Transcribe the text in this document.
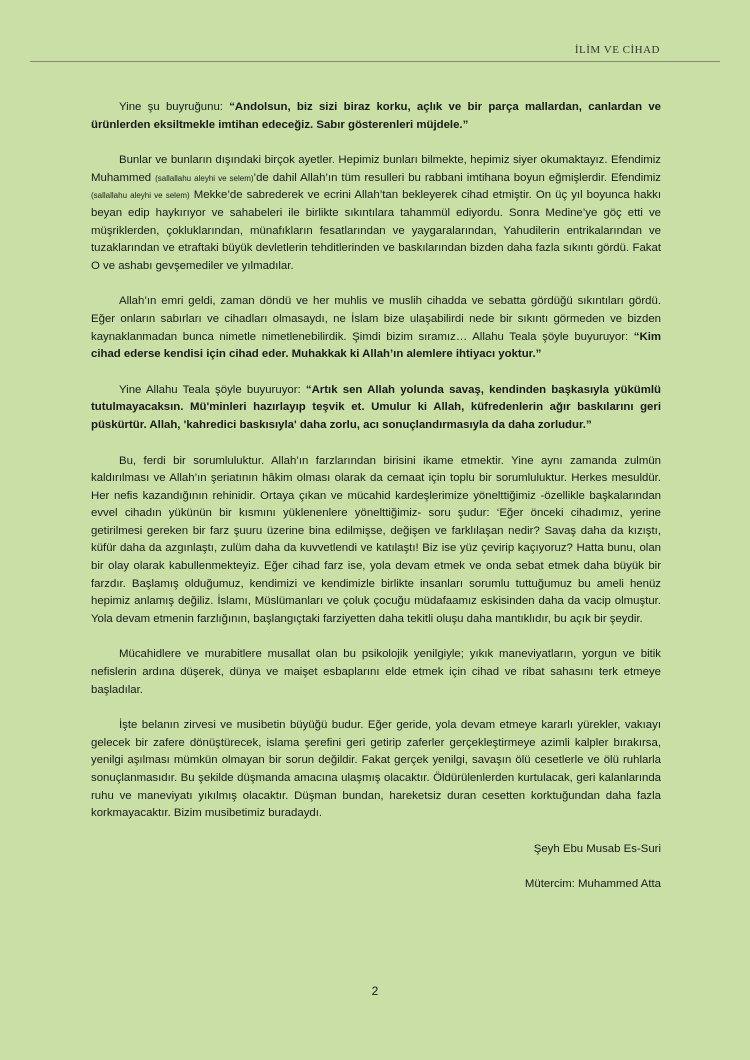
İLİM VE CİHAD

Yine şu buyruğunu: “Andolsun, biz sizi biraz korku, açlık ve bir parça mallardan, canlardan ve ürünlerden eksiltmekle imtihan edeceğiz. Sabır gösterenleri müjdele.”

Bunlar ve bunların dışındaki birçok ayetler. Hepimiz bunları bilmekte, hepimiz siyer okumaktayız. Efendimiz Muhammed (sallallahu aleyhi ve selem)’de dahil Allah’ın tüm resulleri bu rabbani imtihana boyun eğmişlerdir. Efendimiz (sallallahu aleyhi ve selem) Mekke’de sabrederek ve ecrini Allah’tan bekleyerek cihad etmiştir. On üç yıl boyunca hakkı beyan edip haykırıyor ve sahabeleri ile birlikte sıkıntılara tahammül ediyordu. Sonra Medine’ye göç etti ve müşriklerden, çokluklarından, münafıkların fesatlarından ve yaygaralarından, Yahudilerin entrikalarından ve tuzaklarından ve etraftaki büyük devletlerin tehditlerinden ve baskılarından bizden daha fazla sıkıntı gördü. Fakat O ve ashabı gevşemediler ve yılmadılar.

Allah’ın emri geldi, zaman döndü ve her muhlis ve muslih cihadda ve sebatta gördüğü sıkıntıları gördü. Eğer onların sabırları ve cihadları olmasaydı, ne İslam bize ulaşabilirdi nede bir sıkıntı görmeden ve bizden kaynaklanmadan bunca nimetle nimetlenebilirdik. Şimdi bizim sıramız… Allahu Teala şöyle buyuruyor: “Kim cihad ederse kendisi için cihad eder. Muhakkak ki Allah’ın alemlere ihtiyacı yoktur.”

Yine Allahu Teala şöyle buyuruyor: “Artık sen Allah yolunda savaş, kendinden başkasıyla yükümlü tutulmayacaksın. Mü'minleri hazırlayıp teşvik et. Umulur ki Allah, küfredenlerin ağır baskılarını geri püskürtür. Allah, 'kahredici baskısıyla' daha zorlu, acı sonuçlandırmasıyla da daha zorludur.”

Bu, ferdi bir sorumluluktur. Allah’ın farzlarından birisini ikame etmektir. Yine aynı zamanda zulmün kaldırılması ve Allah’ın şeriatının hâkim olması olarak da cemaat için toplu bir sorumluluktur. Herkes mesuldür. Her nefis kazandığının rehinidir. Ortaya çıkan ve mücahid kardeşlerimize yönelttiğimiz -özellikle başkalarından evvel cihadın yükünün bir kısmını yüklenenlere yönelttiğimiz- soru şudur: ‘Eğer önceki cihadımız, yerine getirilmesi gereken bir farz şuuru üzerine bina edilmişse, değişen ve farklılaşan nedir? Savaş daha da kızıştı, küfür daha da azgınlaştı, zulüm daha da kuvvetlendi ve katılaştı! Biz ise yüz çevirip kaçıyoruz? Hatta bunu, olan bir olay olarak kabullenmekteyiz. Eğer cihad farz ise, yola devam etmek ve onda sebat etmek daha büyük bir farzdır. Başlamış olduğumuz, kendimizi ve kendimizle birlikte insanları sorumlu tuttuğumuz bu ameli henüz hepimiz anlamış değiliz. İslamı, Müslümanları ve çoluk çocuğu müdafaamız eskisinden daha da vacip olmuştur. Yola devam etmenin farzlığının, başlangıçtaki farziyetten daha tekitli oluşu daha mantıklıdır, bu açık bir şeydir.

Mücahidlere ve murabitlere musallat olan bu psikolojik yenilgiyle; yıkık maneviyatların, yorgun ve bitik nefislerin ardına düşerek, dünya ve maişet esbaplarını elde etmek için cihad ve ribat sahasını terk etmeye başladılar.

İşte belanın zirvesi ve musibetin büyüğü budur. Eğer geride, yola devam etmeye kararlı yürekler, vakıayı gelecek bir zafere dönüştürecek, islama şerefini geri getirip zaferler gerçekleştirmeye azimli kalpler bırakırsa, yenilgi aşılması mümkün olmayan bir sorun değildir. Fakat gerçek yenilgi, savaşın ölü cesetlerle ve ölü ruhlarla sonuçlanmasıdır. Bu şekilde düşmanda amacına ulaşmış olacaktır. Öldürülenlerden kurtulacak, geri kalanlarında ruhu ve maneviyatı yıkılmış olacaktır. Düşman bundan, hareketsiz duran cesetten korktuğundan daha fazla korkmayacaktır. Bizim musibetimiz buradaydı.

Şeyh Ebu Musab Es-Suri
Mütercim: Muhammed Atta
2
